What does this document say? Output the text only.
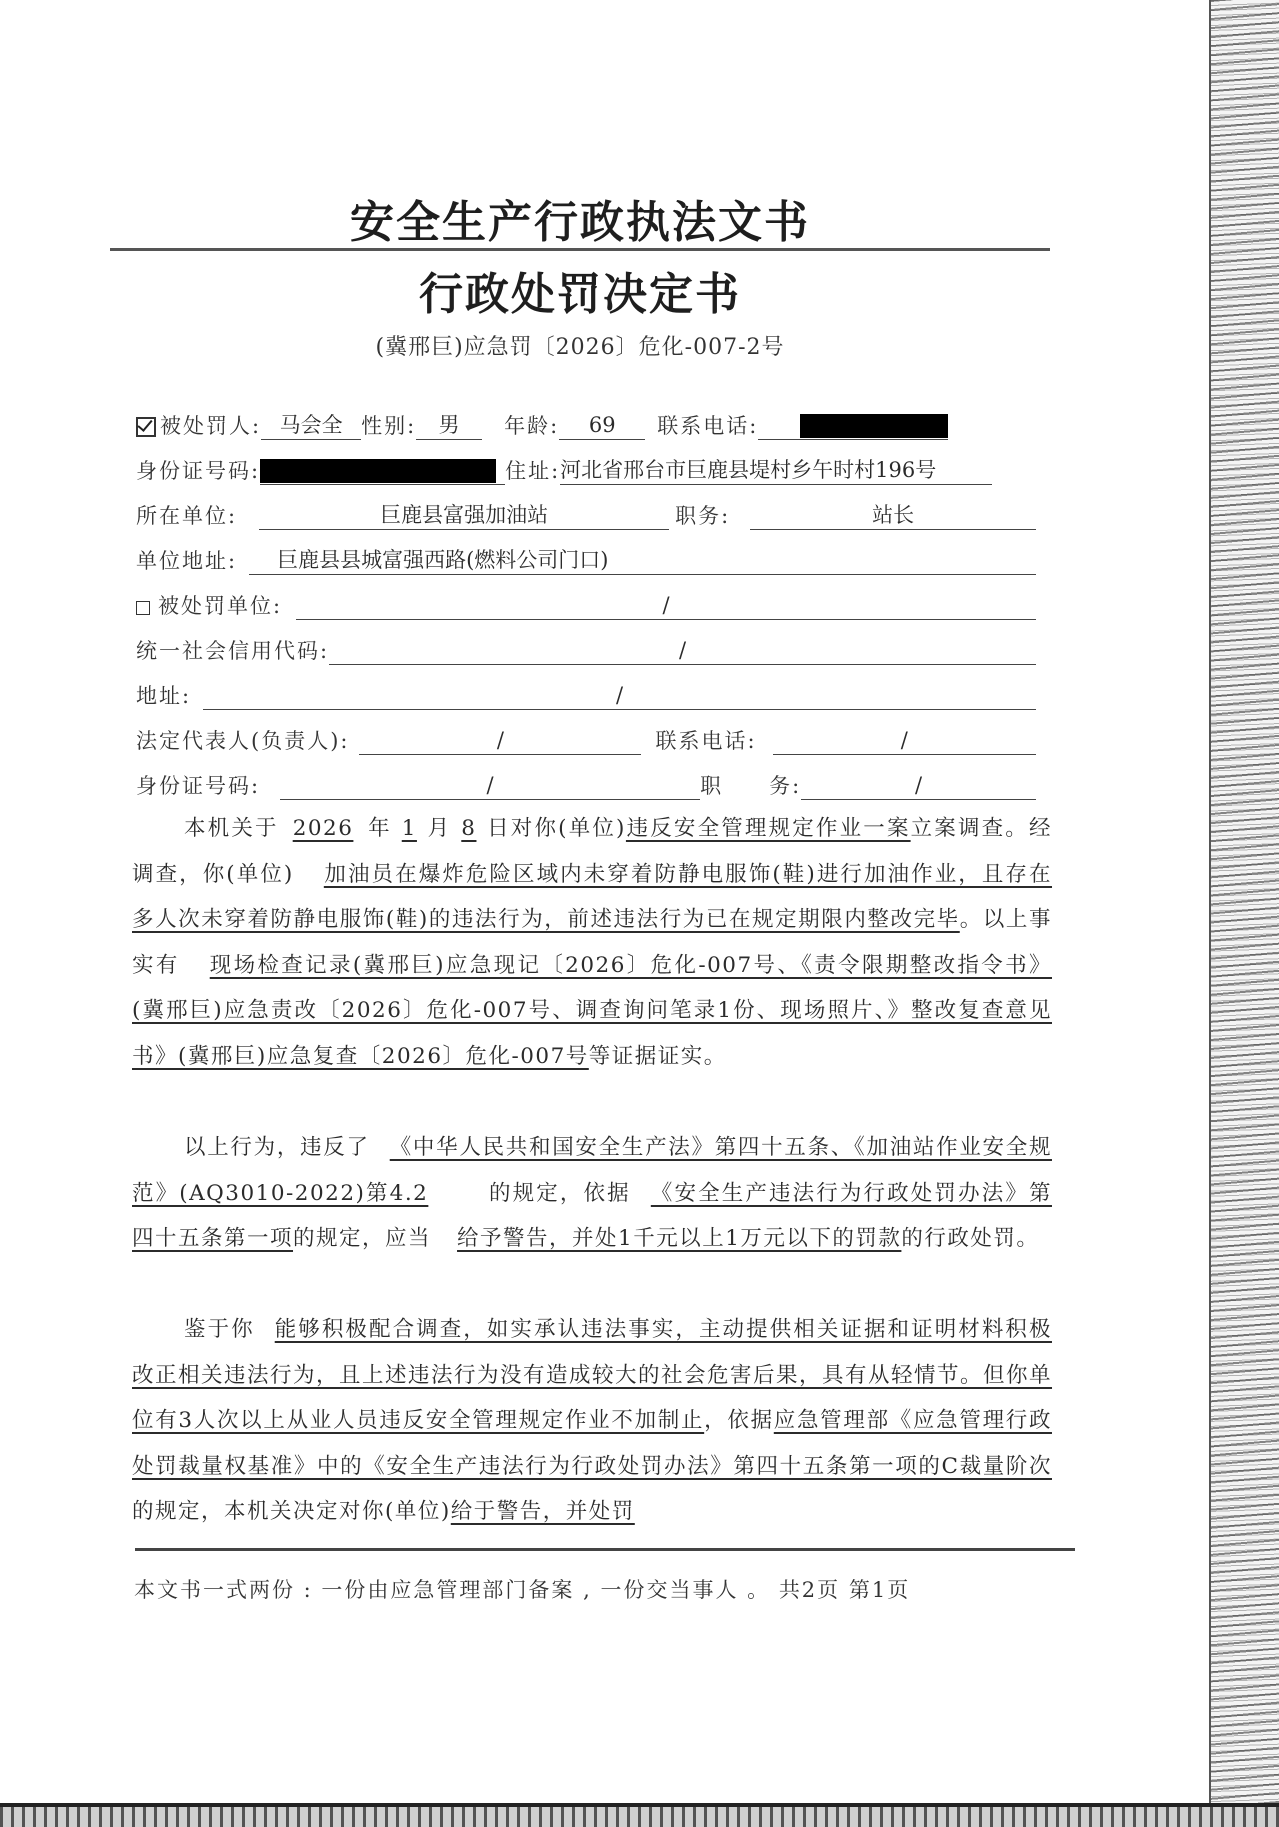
安全生产行政执法文书
行政处罚决定书
(冀邢巨)应急罚〔2026〕危化-007-2号
被处罚人: 马会全 性别:	男	年龄:	69	联系电话:
身份证号码:	住址: 河北省邢台市巨鹿县堤村乡午时村196号
所在单位:	巨鹿县富强加油站	职务:	站长
单位地址:	巨鹿县县城富强西路(燃料公司门口)
被处罚单位:	/
统一社会信用代码:	/
地址:	/
法定代表人(负责人):	/	联系电话:	/
身份证号码:	/	职　　务:	/
本机关于 2026 年 1 月 8 日对你(单位)违反安全管理规定作业一案立案调查。经调查，你(单位) 加油员在爆炸危险区域内未穿着防静电服饰(鞋)进行加油作业，且存在多人次未穿着防静电服饰(鞋)的违法行为，前述违法行为已在规定期限内整改完毕。以上事实有 现场检查记录(冀邢巨)应急现记〔2026〕危化-007号、《责令限期整改指令书》(冀邢巨)应急责改〔2026〕危化-007号、调查询问笔录1份、现场照片、》整改复查意见书》(冀邢巨)应急复查〔2026〕危化-007号等证据证实。
以上行为，违反了 《中华人民共和国安全生产法》第四十五条、《加油站作业安全规范》(AQ3010-2022)第4.2	的规定，依据 《安全生产违法行为行政处罚办法》第四十五条第一项的规定，应当 给予警告，并处1千元以上1万元以下的罚款的行政处罚。
鉴于你 能够积极配合调查，如实承认违法事实，主动提供相关证据和证明材料积极改正相关违法行为，且上述违法行为没有造成较大的社会危害后果，具有从轻情节。但你单位有3人次以上从业人员违反安全管理规定作业不加制止，依据应急管理部《应急管理行政处罚裁量权基准》中的《安全生产违法行为行政处罚办法》第四十五条第一项的C裁量阶次的规定，本机关决定对你(单位)给于警告，并处罚
本文书一式两份 : 一份由应急管理部门备案 , 一份交当事人 。 共2页 第1页
